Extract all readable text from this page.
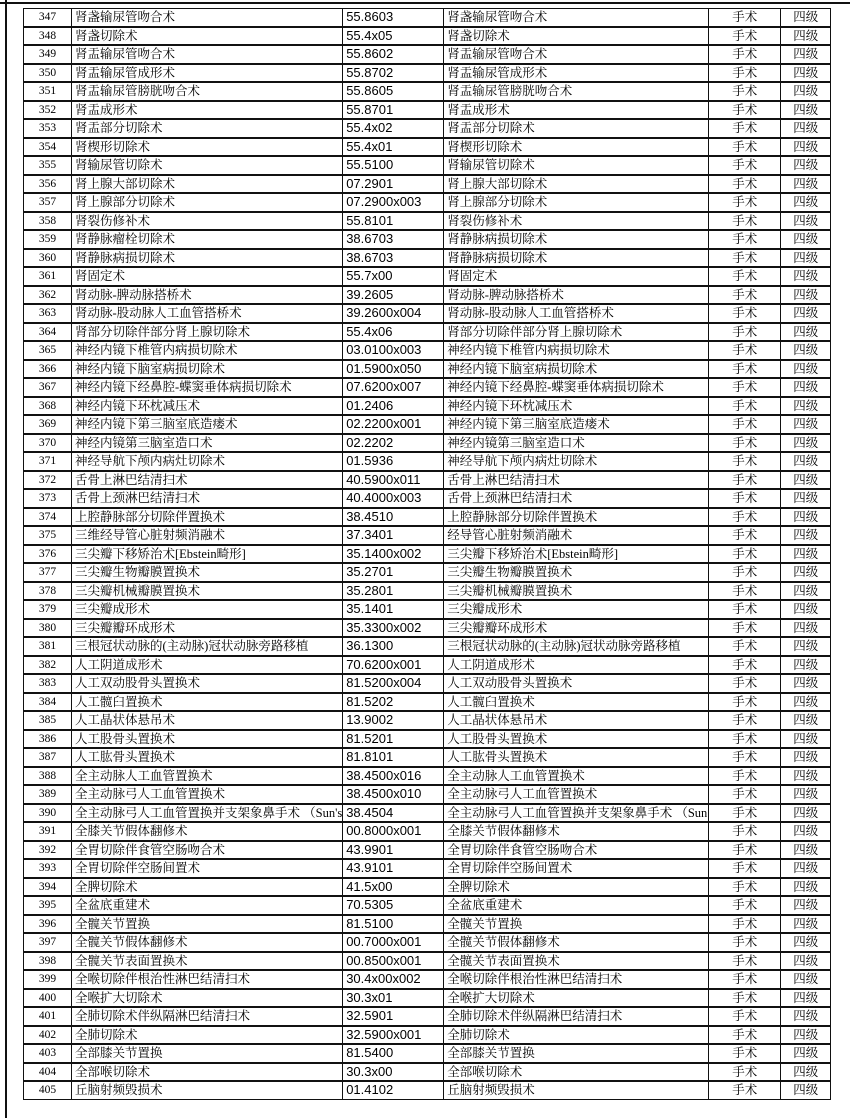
347	肾盏输尿管吻合术	55.8603	肾盏输尿管吻合术	手术	四级
348	肾盏切除术	55.4x05	肾盏切除术	手术	四级
349	肾盂输尿管吻合术	55.8602	肾盂输尿管吻合术	手术	四级
350	肾盂输尿管成形术	55.8702	肾盂输尿管成形术	手术	四级
351	肾盂输尿管膀胱吻合术	55.8605	肾盂输尿管膀胱吻合术	手术	四级
352	肾盂成形术	55.8701	肾盂成形术	手术	四级
353	肾盂部分切除术	55.4x02	肾盂部分切除术	手术	四级
354	肾楔形切除术	55.4x01	肾楔形切除术	手术	四级
355	肾输尿管切除术	55.5100	肾输尿管切除术	手术	四级
356	肾上腺大部切除术	07.2901	肾上腺大部切除术	手术	四级
357	肾上腺部分切除术	07.2900x003	肾上腺部分切除术	手术	四级
358	肾裂伤修补术	55.8101	肾裂伤修补术	手术	四级
359	肾静脉瘤栓切除术	38.6703	肾静脉病损切除术	手术	四级
360	肾静脉病损切除术	38.6703	肾静脉病损切除术	手术	四级
361	肾固定术	55.7x00	肾固定术	手术	四级
362	肾动脉-脾动脉搭桥术	39.2605	肾动脉-脾动脉搭桥术	手术	四级
363	肾动脉-股动脉人工血管搭桥术	39.2600x004	肾动脉-股动脉人工血管搭桥术	手术	四级
364	肾部分切除伴部分肾上腺切除术	55.4x06	肾部分切除伴部分肾上腺切除术	手术	四级
365	神经内镜下椎管内病损切除术	03.0100x003	神经内镜下椎管内病损切除术	手术	四级
366	神经内镜下脑室病损切除术	01.5900x050	神经内镜下脑室病损切除术	手术	四级
367	神经内镜下经鼻腔-蝶窦垂体病损切除术	07.6200x007	神经内镜下经鼻腔-蝶窦垂体病损切除术	手术	四级
368	神经内镜下环枕减压术	01.2406	神经内镜下环枕减压术	手术	四级
369	神经内镜下第三脑室底造瘘术	02.2200x001	神经内镜下第三脑室底造瘘术	手术	四级
370	神经内镜第三脑室造口术	02.2202	神经内镜第三脑室造口术	手术	四级
371	神经导航下颅内病灶切除术	01.5936	神经导航下颅内病灶切除术	手术	四级
372	舌骨上淋巴结清扫术	40.5900x011	舌骨上淋巴结清扫术	手术	四级
373	舌骨上颈淋巴结清扫术	40.4000x003	舌骨上颈淋巴结清扫术	手术	四级
374	上腔静脉部分切除伴置换术	38.4510	上腔静脉部分切除伴置换术	手术	四级
375	三维经导管心脏射频消融术	37.3401	经导管心脏射频消融术	手术	四级
376	三尖瓣下移矫治术[Ebstein畸形]	35.1400x002	三尖瓣下移矫治术[Ebstein畸形]	手术	四级
377	三尖瓣生物瓣膜置换术	35.2701	三尖瓣生物瓣膜置换术	手术	四级
378	三尖瓣机械瓣膜置换术	35.2801	三尖瓣机械瓣膜置换术	手术	四级
379	三尖瓣成形术	35.1401	三尖瓣成形术	手术	四级
380	三尖瓣瓣环成形术	35.3300x002	三尖瓣瓣环成形术	手术	四级
381	三根冠状动脉的(主动脉)冠状动脉旁路移植	36.1300	三根冠状动脉的(主动脉)冠状动脉旁路移植	手术	四级
382	人工阴道成形术	70.6200x001	人工阴道成形术	手术	四级
383	人工双动股骨头置换术	81.5200x004	人工双动股骨头置换术	手术	四级
384	人工髋臼置换术	81.5202	人工髋臼置换术	手术	四级
385	人工晶状体悬吊术	13.9002	人工晶状体悬吊术	手术	四级
386	人工股骨头置换术	81.5201	人工股骨头置换术	手术	四级
387	人工肱骨头置换术	81.8101	人工肱骨头置换术	手术	四级
388	全主动脉人工血管置换术	38.4500x016	全主动脉人工血管置换术	手术	四级
389	全主动脉弓人工血管置换术	38.4500x010	全主动脉弓人工血管置换术	手术	四级
390	全主动脉弓人工血管置换并支架象鼻手术 （Sun's	38.4504	全主动脉弓人工血管置换并支架象鼻手术 （Sun	手术	四级
391	全膝关节假体翻修术	00.8000x001	全膝关节假体翻修术	手术	四级
392	全胃切除伴食管空肠吻合术	43.9901	全胃切除伴食管空肠吻合术	手术	四级
393	全胃切除伴空肠间置术	43.9101	全胃切除伴空肠间置术	手术	四级
394	全脾切除术	41.5x00	全脾切除术	手术	四级
395	全盆底重建术	70.5305	全盆底重建术	手术	四级
396	全髋关节置换	81.5100	全髋关节置换	手术	四级
397	全髋关节假体翻修术	00.7000x001	全髋关节假体翻修术	手术	四级
398	全髋关节表面置换术	00.8500x001	全髋关节表面置换术	手术	四级
399	全喉切除伴根治性淋巴结清扫术	30.4x00x002	全喉切除伴根治性淋巴结清扫术	手术	四级
400	全喉扩大切除术	30.3x01	全喉扩大切除术	手术	四级
401	全肺切除术伴纵隔淋巴结清扫术	32.5901	全肺切除术伴纵隔淋巴结清扫术	手术	四级
402	全肺切除术	32.5900x001	全肺切除术	手术	四级
403	全部膝关节置换	81.5400	全部膝关节置换	手术	四级
404	全部喉切除术	30.3x00	全部喉切除术	手术	四级
405	丘脑射频毁损术	01.4102	丘脑射频毁损术	手术	四级
